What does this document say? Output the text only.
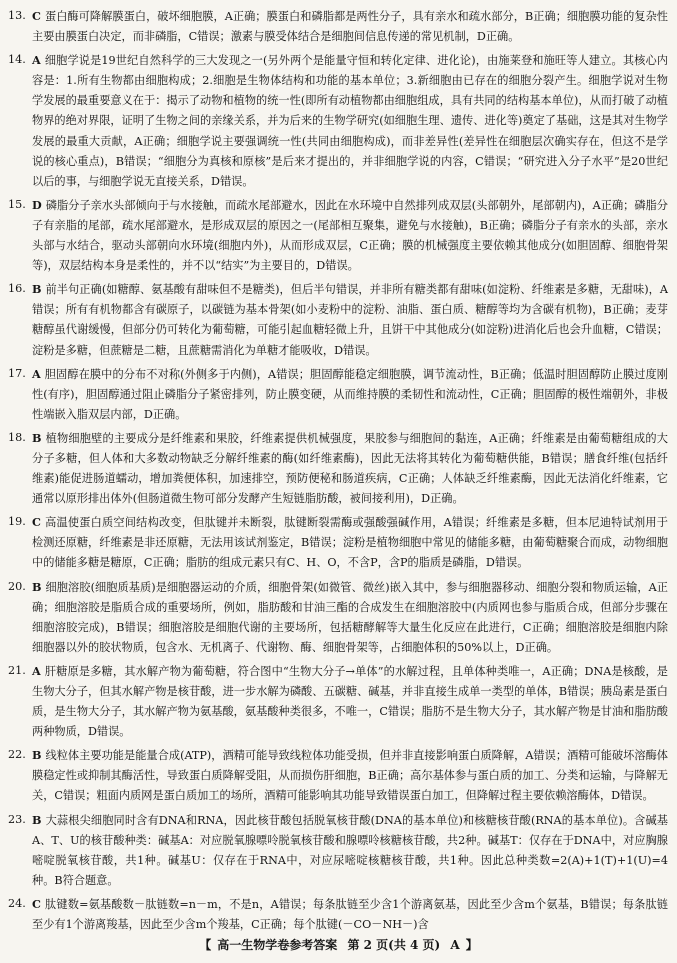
13. C 蛋白酶可降解膜蛋白，破坏细胞膜，A正确；膜蛋白和磷脂都是两性分子，具有亲水和疏水部分，B正确；细胞膜功能的复杂性主要由膜蛋白决定，而非磷脂，C错误；激素与膜受体结合是细胞间信息传递的常见机制，D正确。
14. A 细胞学说是19世纪自然科学的三大发现之一(另外两个是能量守恒和转化定律、进化论)，由施莱登和施旺等人建立。其核心内容是：1.所有生物都由细胞构成；2.细胞是生物体结构和功能的基本单位；3.新细胞由已存在的细胞分裂产生。细胞学说对生物学发展的最重要意义在于：揭示了动物和植物的统一性(即所有动植物都由细胞组成，具有共同的结构基本单位)，从而打破了动植物界的绝对界限，证明了生物之间的亲缘关系，并为后来的生物学研究(如细胞生理、遗传、进化等)奠定了基础，这是其对生物学发展的最重大贡献，A正确；细胞学说主要强调统一性(共同由细胞构成)，而非差异性(差异性在细胞层次确实存在，但这不是学说的核心重点)，B错误；“细胞分为真核和原核”是后来才提出的，并非细胞学说的内容，C错误；“研究进入分子水平”是20世纪以后的事，与细胞学说无直接关系，D错误。
15. D 磷脂分子亲水头部倾向于与水接触，而疏水尾部避水，因此在水环境中自然排列成双层(头部朝外，尾部朝内)，A正确；磷脂分子有亲脂的尾部，疏水尾部避水，是形成双层的原因之一(尾部相互聚集，避免与水接触)，B正确；磷脂分子有亲水的头部，亲水头部与水结合，驱动头部朝向水环境(细胞内外)，从而形成双层，C正确；膜的机械强度主要依赖其他成分(如胆固醇、细胞骨架等)，双层结构本身是柔性的，并不以“结实”为主要目的，D错误。
16. B 前半句正确(如糖醇、氨基酸有甜味但不是糖类)，但后半句错误，并非所有糖类都有甜味(如淀粉、纤维素是多糖，无甜味)，A错误；所有有机物都含有碳原子，以碳链为基本骨架(如小麦粉中的淀粉、油脂、蛋白质、糖醇等均为含碳有机物)，B正确；麦芽糖醇虽代谢缓慢，但部分仍可转化为葡萄糖，可能引起血糖轻微上升，且饼干中其他成分(如淀粉)进消化后也会升血糖，C错误；淀粉是多糖，但蔗糖是二糖，且蔗糖需消化为单糖才能吸收，D错误。
17. A 胆固醇在膜中的分布不对称(外侧多于内侧)，A错误；胆固醇能稳定细胞膜，调节流动性，B正确；低温时胆固醇防止膜过度刚性(有序)，胆固醇通过阻止磷脂分子紧密排列，防止膜变硬，从而维持膜的柔韧性和流动性，C正确；胆固醇的极性端朝外，非极性端嵌入脂双层内部，D正确。
18. B 植物细胞壁的主要成分是纤维素和果胶，纤维素提供机械强度，果胶参与细胞间的黏连，A正确；纤维素是由葡萄糖组成的大分子多糖，但人体和大多数动物缺乏分解纤维素的酶(如纤维素酶)，因此无法将其转化为葡萄糖供能，B错误；膳食纤维(包括纤维素)能促进肠道蠕动，增加粪便体积，加速排空，预防便秘和肠道疾病，C正确；人体缺乏纤维素酶，因此无法消化纤维素，它通常以原形排出体外(但肠道微生物可部分发酵产生短链脂肪酸，被间接利用)，D正确。
19. C 高温使蛋白质空间结构改变，但肽键并未断裂，肽键断裂需酶或强酸强碱作用，A错误；纤维素是多糖，但本尼迪特试剂用于检测还原糖，纤维素是非还原糖，无法用该试剂鉴定，B错误；淀粉是植物细胞中常见的储能多糖，由葡萄糖聚合而成，动物细胞中的储能多糖是糖原，C正确；脂肪的组成元素只有C、H、O，不含P，含P的脂质是磷脂，D错误。
20. B 细胞溶胶(细胞质基质)是细胞器运动的介质，细胞骨架(如微管、微丝)嵌入其中，参与细胞器移动、细胞分裂和物质运输，A正确；细胞溶胶是脂质合成的重要场所，例如，脂肪酸和甘油三酯的合成发生在细胞溶胶中(内质网也参与脂质合成，但部分步骤在细胞溶胶完成)，B错误；细胞溶胶是细胞代谢的主要场所，包括糖酵解等大量生化反应在此进行，C正确；细胞溶胶是细胞内除细胞器以外的胶状物质，包含水、无机离子、代谢物、酶、细胞骨架等，占细胞体积的50%以上，D正确。
21. A 肝糖原是多糖，其水解产物为葡萄糖，符合图中“生物大分子→单体”的水解过程，且单体种类唯一，A正确；DNA是核酸，是生物大分子，但其水解产物是核苷酸，进一步水解为磷酸、五碳糖、碱基，并非直接生成单一类型的单体，B错误；胰岛素是蛋白质，是生物大分子，其水解产物为氨基酸，氨基酸种类很多，不唯一，C错误；脂肪不是生物大分子，其水解产物是甘油和脂肪酸两种物质，D错误。
22. B 线粒体主要功能是能量合成(ATP)，酒精可能导致线粒体功能受损，但并非直接影响蛋白质降解，A错误；酒精可能破坏溶酶体膜稳定性或抑制其酶活性，导致蛋白质降解受阻，从而损伤肝细胞，B正确；高尔基体参与蛋白质的加工、分类和运输，与降解无关，C错误；粗面内质网是蛋白质加工的场所，酒精可能影响其功能导致错误蛋白加工，但降解过程主要依赖溶酶体，D错误。
23. B 大蒜根尖细胞同时含有DNA和RNA，因此核苷酸包括脱氧核苷酸(DNA的基本单位)和核糖核苷酸(RNA的基本单位)。含碱基A、T、U的核苷酸种类：碱基A：对应脱氧腺嘌呤脱氧核苷酸和腺嘌呤核糖核苷酸，共2种。碱基T：仅存在于DNA中，对应胸腺嘧啶脱氧核苷酸，共1种。碱基U：仅存在于RNA中，对应尿嘧啶核糖核苷酸，共1种。因此总种类数=2(A)+1(T)+1(U)=4种。B符合题意。
24. C 肽键数=氨基酸数－肽链数=n－m，不是n，A错误；每条肽链至少含1个游离氨基，因此至少含m个氨基，B错误；每条肽链至少有1个游离羧基，因此至少含m个羧基，C正确；每个肽键(－CO－NH－)含
【 高一生物学卷参考答案 第 2 页(共 4 页) A 】
